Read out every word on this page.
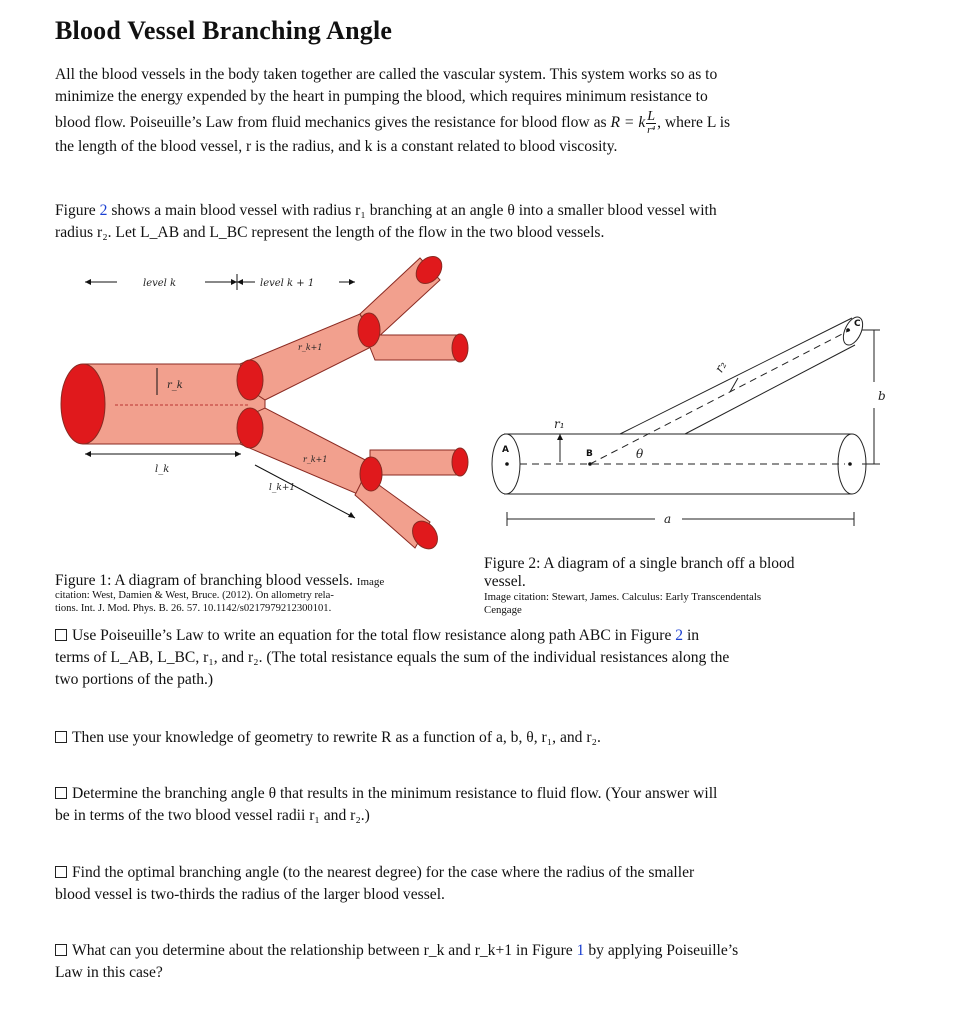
Blood Vessel Branching Angle
All the blood vessels in the body taken together are called the vascular system. This system works so as to
minimize the energy expended by the heart in pumping the blood, which requires minimum resistance to
blood flow. Poiseuille’s Law from fluid mechanics gives the resistance for blood flow as R = k $\frac{L}{\text{r⁴}}$ , where L is
the length of the blood vessel, r is the radius, and k is a constant related to blood viscosity.
Figure 2 shows a main blood vessel with radius r₁ branching at an angle θ into a smaller blood vessel with
radius r₂. Let L_AB and L_BC represent the length of the flow in the two blood vessels.
level k	level k + 1
r_k
l_k
r_k+1
r_k+1
l_k+1
A	B
C
r₁
r₂
θ
b
a
Figure 1: A diagram of branching blood vessels. Image
citation: West, Damien & West, Bruce. (2012). On allometry rela-
tions. Int. J. Mod. Phys. B. 26. 57. 10.1142/s0217979212300101.
Figure 2: A diagram of a single branch off a blood
vessel.
Image citation: Stewart, James. Calculus: Early Transcendentals
Cengage
Use Poiseuille’s Law to write an equation for the total flow resistance along path ABC in Figure 2 in
terms of L_AB, L_BC, r₁, and r₂. (The total resistance equals the sum of the individual resistances along the
two portions of the path.)
Then use your knowledge of geometry to rewrite R as a function of a, b, θ, r₁, and r₂.
Determine the branching angle θ that results in the minimum resistance to fluid flow. (Your answer will
be in terms of the two blood vessel radii r₁ and r₂.)
Find the optimal branching angle (to the nearest degree) for the case where the radius of the smaller
blood vessel is two-thirds the radius of the larger blood vessel.
What can you determine about the relationship between r_k and r_k+1 in Figure 1 by applying Poiseuille’s
Law in this case?
